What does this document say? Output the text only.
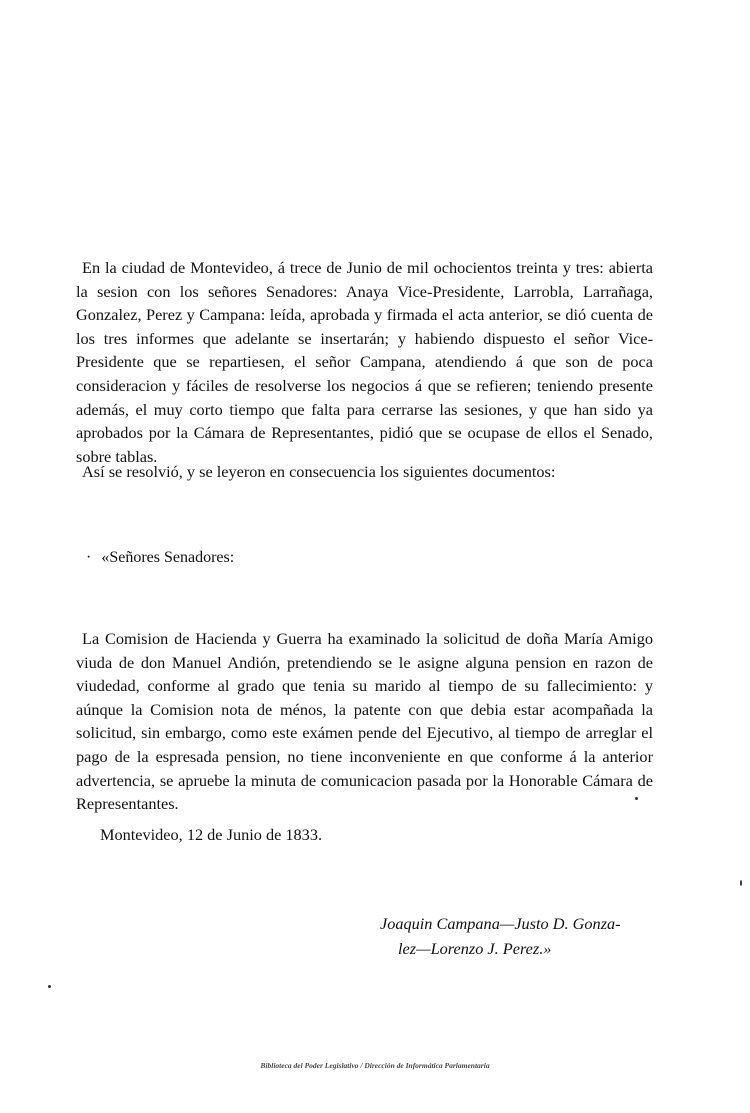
En la ciudad de Montevideo, á trece de Junio de mil ochocientos treinta y tres: abierta la sesion con los señores Senadores: Anaya Vice-Presidente, Larrobla, Larrañaga, Gonzalez, Perez y Campana: leída, aprobada y firmada el acta anterior, se dió cuenta de los tres informes que adelante se insertarán; y habiendo dispuesto el señor Vice-Presidente que se repartiesen, el señor Campana, atendiendo á que son de poca consideracion y fáciles de resolverse los negocios á que se refieren; teniendo presente además, el muy corto tiempo que falta para cerrarse las sesiones, y que han sido ya aprobados por la Cámara de Representantes, pidió que se ocupase de ellos el Senado, sobre tablas.

Así se resolvió, y se leyeron en consecuencia los siguientes documentos:

· «Señores Senadores:

La Comision de Hacienda y Guerra ha examinado la solicitud de doña María Amigo viuda de don Manuel Andión, pretendiendo se le asigne alguna pension en razon de viudedad, conforme al grado que tenia su marido al tiempo de su fallecimiento: y aúnque la Comision nota de ménos, la patente con que debia estar acompañada la solicitud, sin embargo, como este exámen pende del Ejecutivo, al tiempo de arreglar el pago de la espresada pension, no tiene inconveniente en que conforme á la anterior advertencia, se apruebe la minuta de comunicacion pasada por la Honorable Cámara de Representantes.

Montevideo, 12 de Junio de 1833.
Joaquin Campana—Justo D. Gonza-
lez—Lorenzo J. Perez.»
Biblioteca del Poder Legislativo / Dirección de Informática Parlamentaria
